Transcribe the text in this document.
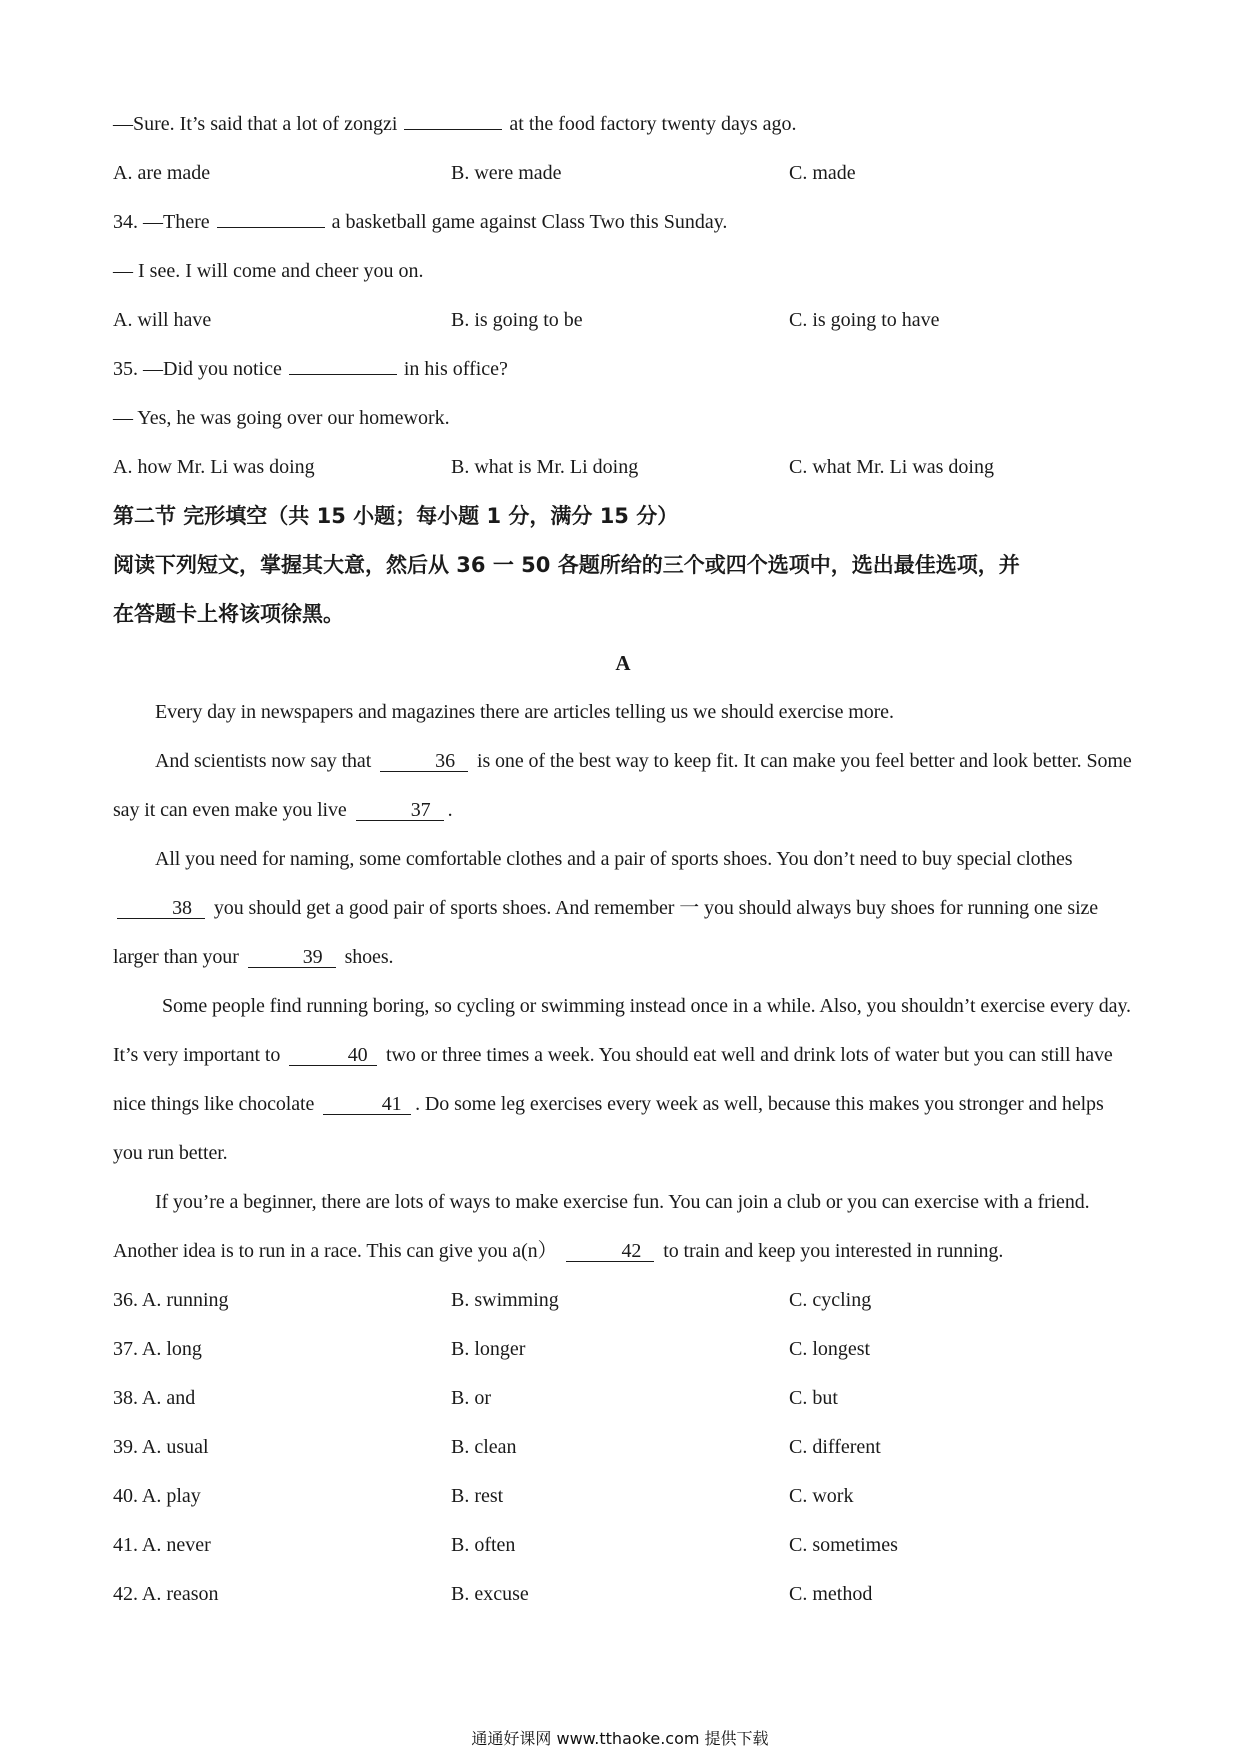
—Sure. It’s said that a lot of zongzi	at the food factory twenty days ago.
A. are made	B. were made	C. made
34. —There	a basketball game against Class Two this Sunday.
— I see. I will come and cheer you on.
A. will have	B. is going to be	C. is going to have
35. —Did you notice	in his office?
— Yes, he was going over our homework.
A. how Mr. Li was doing	B. what is Mr. Li doing	C. what Mr. Li was doing
第二节 完形填空（共 15 小题；每小题 1 分，满分 15 分）
阅读下列短文，掌握其大意，然后从 36 一 50 各题所给的三个或四个选项中，选出最佳选项，并
在答题卡上将该项徐黑。
A
Every day in newspapers and magazines there are articles telling us we should exercise more.
And scientists now say that	36 is one of the best way to keep fit. It can make you feel better and look better. Some say it can even make you live	37 .
All you need for naming, some comfortable clothes and a pair of sports shoes. You don’t need to buy special clothes 38 you should get a good pair of sports shoes. And remember 一 you should always buy shoes for running one size larger than your	39 shoes.
Some people find running boring, so cycling or swimming instead once in a while. Also, you shouldn’t exercise every day. It’s very important to	40 two or three times a week. You should eat well and drink lots of water but you can still have nice things like chocolate	41 . Do some leg exercises every week as well, because this makes you stronger and helps you run better.
If you’re a beginner, there are lots of ways to make exercise fun. You can join a club or you can exercise with a friend. Another idea is to run in a race. This can give you a(n）	42 to train and keep you interested in running.
36. A. running	B. swimming	C. cycling
37. A. long	B. longer	C. longest
38. A. and	B. or	C. but
39. A. usual	B. clean	C. different
40. A. play	B. rest	C. work
41. A. never	B. often	C. sometimes
42. A. reason	B. excuse	C. method
通通好课网 www.tthaoke.com 提供下载
